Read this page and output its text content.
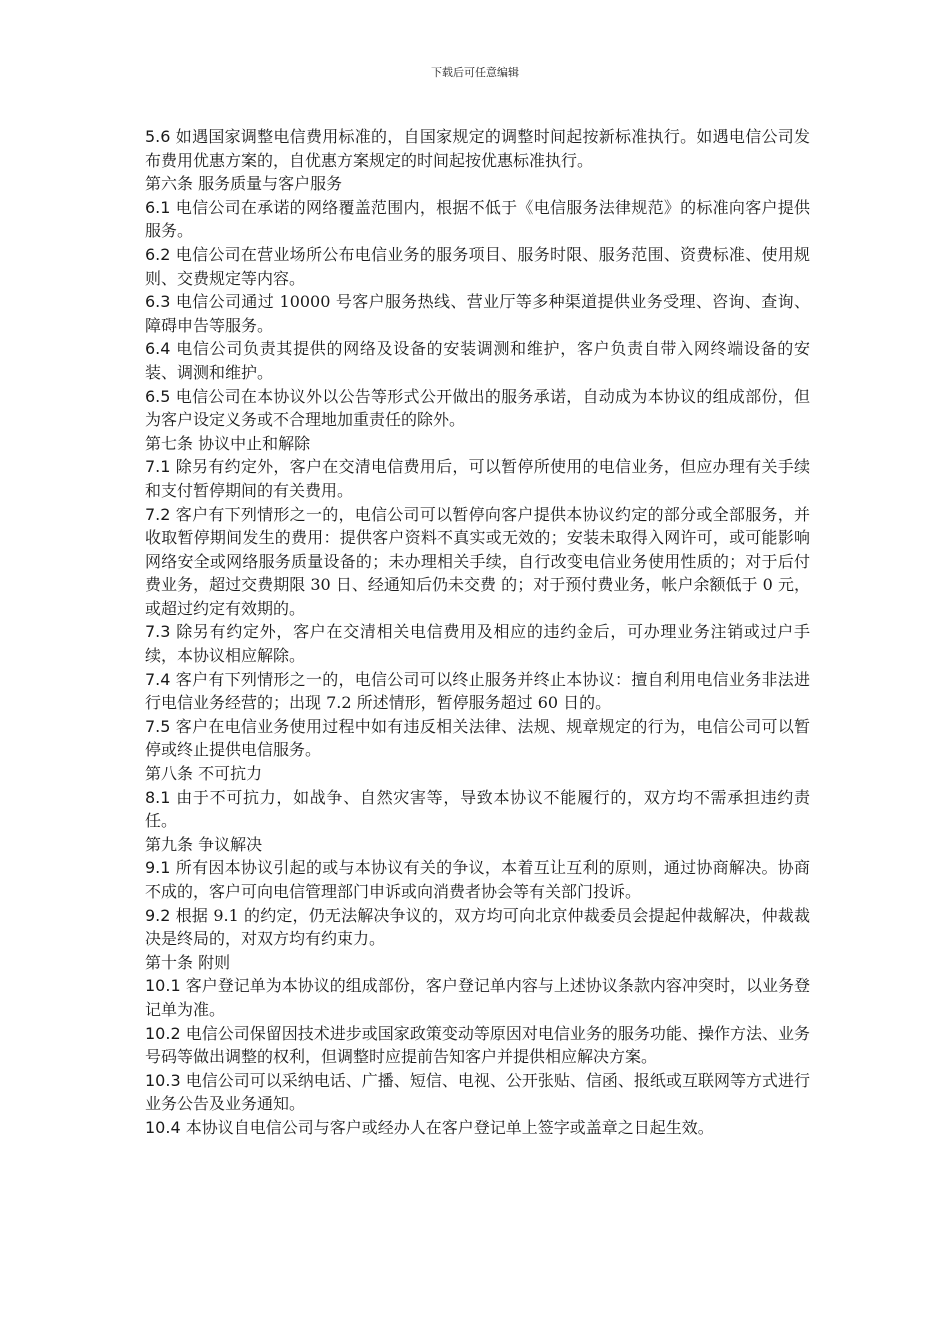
下载后可任意编辑

5.6 如遇国家调整电信费用标准的，自国家规定的调整时间起按新标准执行。如遇电信公司发布费用优惠方案的，自优惠方案规定的时间起按优惠标准执行。

第六条 服务质量与客户服务

6.1 电信公司在承诺的网络覆盖范围内，根据不低于《电信服务法律规范》的标准向客户提供服务。

6.2 电信公司在营业场所公布电信业务的服务项目、服务时限、服务范围、资费标准、使用规则、交费规定等内容。

6.3 电信公司通过 10000 号客户服务热线、营业厅等多种渠道提供业务受理、咨询、查询、障碍申告等服务。

6.4 电信公司负责其提供的网络及设备的安装调测和维护，客户负责自带入网终端设备的安装、调测和维护。

6.5 电信公司在本协议外以公告等形式公开做出的服务承诺，自动成为本协议的组成部份，但为客户设定义务或不合理地加重责任的除外。

第七条 协议中止和解除

7.1 除另有约定外，客户在交清电信费用后，可以暂停所使用的电信业务，但应办理有关手续和支付暂停期间的有关费用。

7.2 客户有下列情形之一的，电信公司可以暂停向客户提供本协议约定的部分或全部服务，并收取暂停期间发生的费用：提供客户资料不真实或无效的；安装未取得入网许可，或可能影响网络安全或网络服务质量设备的；未办理相关手续，自行改变电信业务使用性质的；对于后付费业务，超过交费期限 30 日、经通知后仍未交费 的；对于预付费业务，帐户余额低于 0 元，或超过约定有效期的。

7.3 除另有约定外，客户在交清相关电信费用及相应的违约金后，可办理业务注销或过户手续，本协议相应解除。

7.4 客户有下列情形之一的，电信公司可以终止服务并终止本协议：擅自利用电信业务非法进行电信业务经营的；出现 7.2 所述情形，暂停服务超过 60 日的。

7.5 客户在电信业务使用过程中如有违反相关法律、法规、规章规定的行为，电信公司可以暂停或终止提供电信服务。

第八条 不可抗力

8.1 由于不可抗力，如战争、自然灾害等，导致本协议不能履行的，双方均不需承担违约责任。

第九条 争议解决

9.1 所有因本协议引起的或与本协议有关的争议，本着互让互利的原则，通过协商解决。协商不成的，客户可向电信管理部门申诉或向消费者协会等有关部门投诉。

9.2 根据 9.1 的约定，仍无法解决争议的，双方均可向北京仲裁委员会提起仲裁解决，仲裁裁决是终局的，对双方均有约束力。

第十条 附则

10.1 客户登记单为本协议的组成部份，客户登记单内容与上述协议条款内容冲突时，以业务登记单为准。

10.2 电信公司保留因技术进步或国家政策变动等原因对电信业务的服务功能、操作方法、业务号码等做出调整的权利，但调整时应提前告知客户并提供相应解决方案。

10.3 电信公司可以采纳电话、广播、短信、电视、公开张贴、信函、报纸或互联网等方式进行业务公告及业务通知。

10.4 本协议自电信公司与客户或经办人在客户登记单上签字或盖章之日起生效。
